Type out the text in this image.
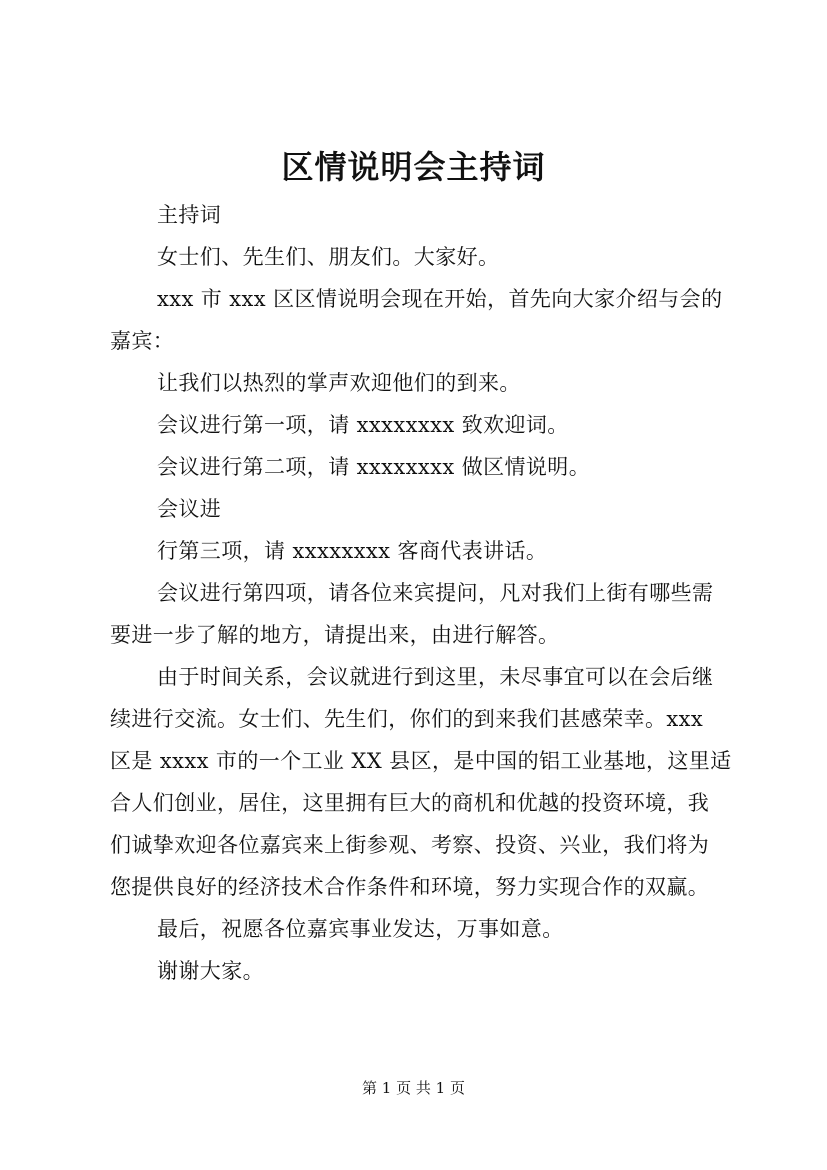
区情说明会主持词
主持词
女士们、先生们、朋友们。大家好。
xxx 市 xxx 区区情说明会现在开始，首先向大家介绍与会的
嘉宾：
让我们以热烈的掌声欢迎他们的到来。
会议进行第一项，请 xxxxxxxx 致欢迎词。
会议进行第二项，请 xxxxxxxx 做区情说明。
会议进
行第三项，请 xxxxxxxx 客商代表讲话。
会议进行第四项，请各位来宾提问，凡对我们上街有哪些需
要进一步了解的地方，请提出来，由进行解答。
由于时间关系，会议就进行到这里，未尽事宜可以在会后继
续进行交流。女士们、先生们，你们的到来我们甚感荣幸。xxx
区是 xxxx 市的一个工业 XX 县区，是中国的铝工业基地，这里适
合人们创业，居住，这里拥有巨大的商机和优越的投资环境，我
们诚挚欢迎各位嘉宾来上街参观、考察、投资、兴业，我们将为
您提供良好的经济技术合作条件和环境，努力实现合作的双赢。
最后，祝愿各位嘉宾事业发达，万事如意。
谢谢大家。
第 1 页 共 1 页
